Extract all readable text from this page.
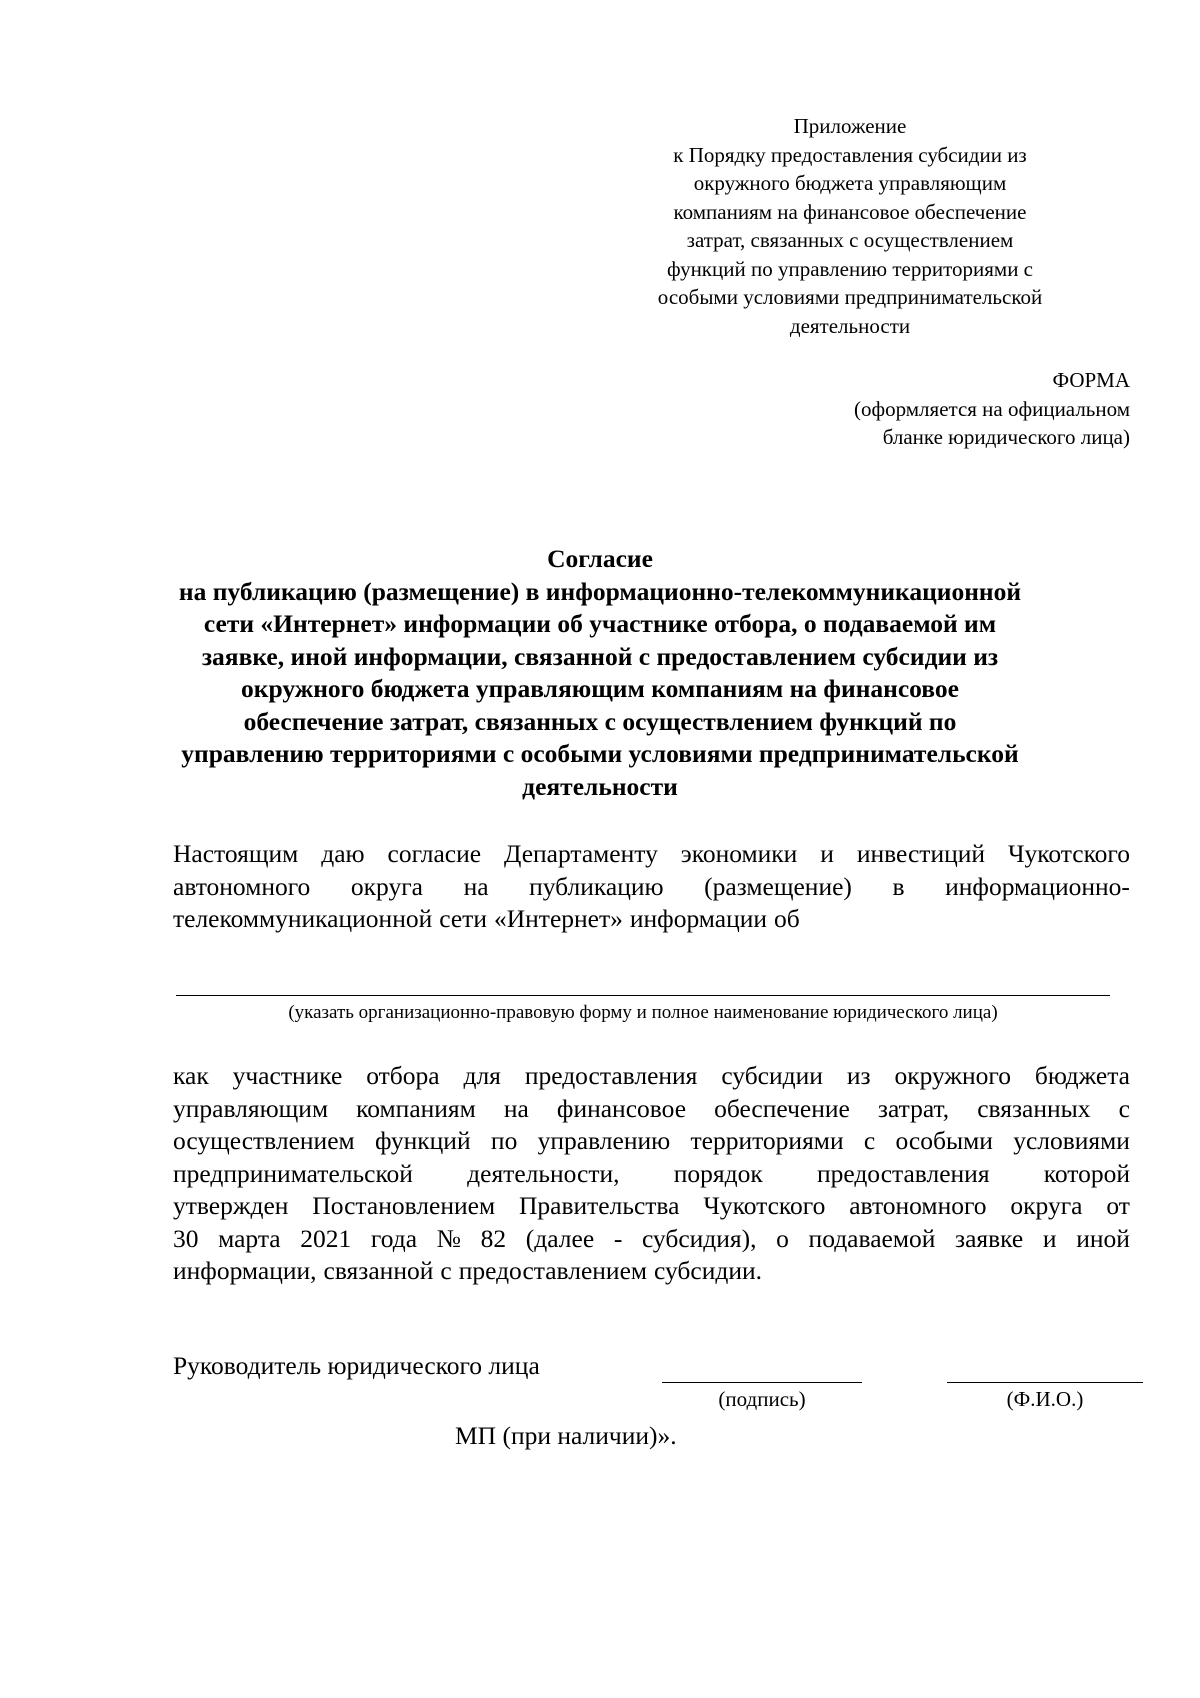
Приложение
к Порядку предоставления субсидии из
окружного бюджета управляющим
компаниям на финансовое обеспечение
затрат, связанных с осуществлением
функций по управлению территориями с
особыми условиями предпринимательской
деятельности
ФОРМА
(оформляется на официальном
бланке юридического лица)
Согласие
на публикацию (размещение) в информационно-телекоммуникационной
сети «Интернет» информации об участнике отбора, о подаваемой им
заявке, иной информации, связанной с предоставлением субсидии из
окружного бюджета управляющим компаниям на финансовое
обеспечение затрат, связанных с осуществлением функций по
управлению территориями с особыми условиями предпринимательской
деятельности
Настоящим даю согласие Департаменту экономики и инвестиций Чукотского
автономного округа на публикацию (размещение) в информационно-
телекоммуникационной сети «Интернет» информации об
(указать организационно-правовую форму и полное наименование юридического лица)
как участнике отбора для предоставления субсидии из окружного бюджета
управляющим компаниям на финансовое обеспечение затрат, связанных с
осуществлением функций по управлению территориями с особыми условиями
предпринимательской деятельности, порядок предоставления которой
утвержден Постановлением Правительства Чукотского автономного округа от
30 марта 2021 года № 82 (далее - субсидия), о подаваемой заявке и иной
информации, связанной с предоставлением субсидии.
Руководитель юридического лица
(подпись)	(Ф.И.О.)
МП (при наличии)».
